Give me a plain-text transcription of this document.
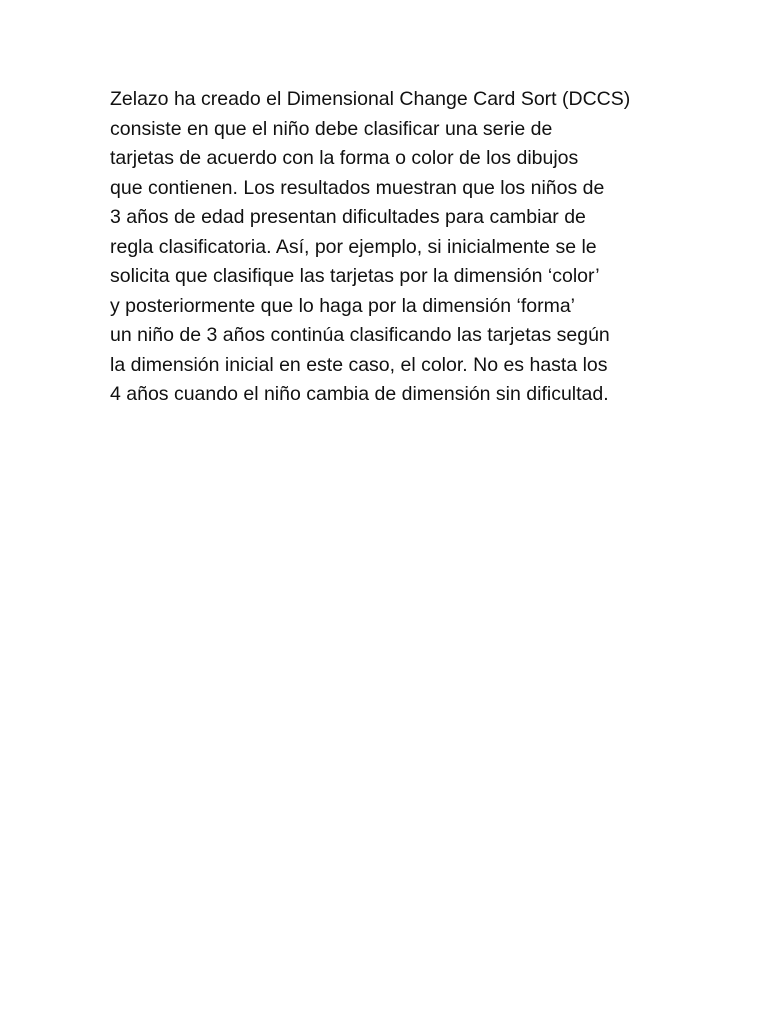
Zelazo ha creado el Dimensional Change Card Sort (DCCS)
consiste en que el niño debe clasificar una serie de
tarjetas de acuerdo con la forma o color de los dibujos
que contienen. Los resultados muestran que los niños de
3 años de edad presentan dificultades para cambiar de
regla clasificatoria. Así, por ejemplo, si inicialmente se le
solicita que clasifique las tarjetas por la dimensión ‘color’
y posteriormente que lo haga por la dimensión ‘forma’
un niño de 3 años continúa clasificando las tarjetas según
la dimensión inicial en este caso, el color. No es hasta los
4 años cuando el niño cambia de dimensión sin dificultad.
